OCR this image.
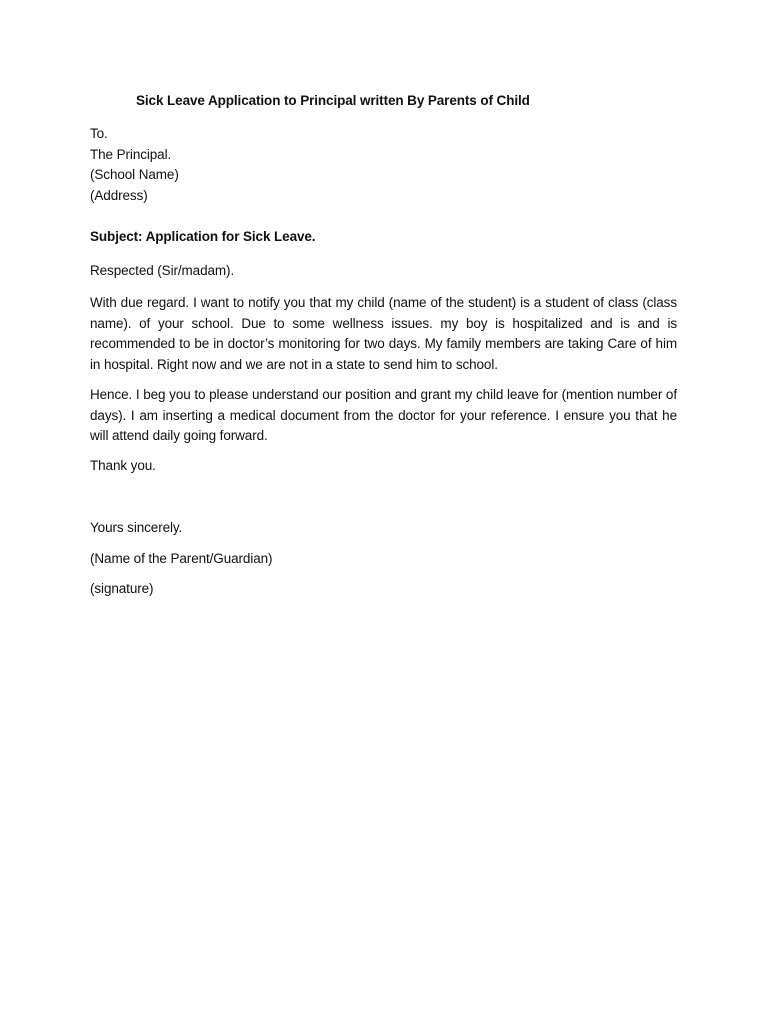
Sick Leave Application to Principal written By Parents of Child
To.
The Principal.
(School Name)
(Address)
Subject: Application for Sick Leave.
Respected (Sir/madam).
With due regard. I want to notify you that my child (name of the student) is a student of class (class name). of your school. Due to some wellness issues. my boy is hospitalized and is and is recommended to be in doctor’s monitoring for two days. My family members are taking Care of him in hospital. Right now and we are not in a state to send him to school.
Hence. I beg you to please understand our position and grant my child leave for (mention number of days). I am inserting a medical document from the doctor for your reference. I ensure you that he will attend daily going forward.
Thank you.
Yours sincerely.
(Name of the Parent/Guardian)
(signature)
